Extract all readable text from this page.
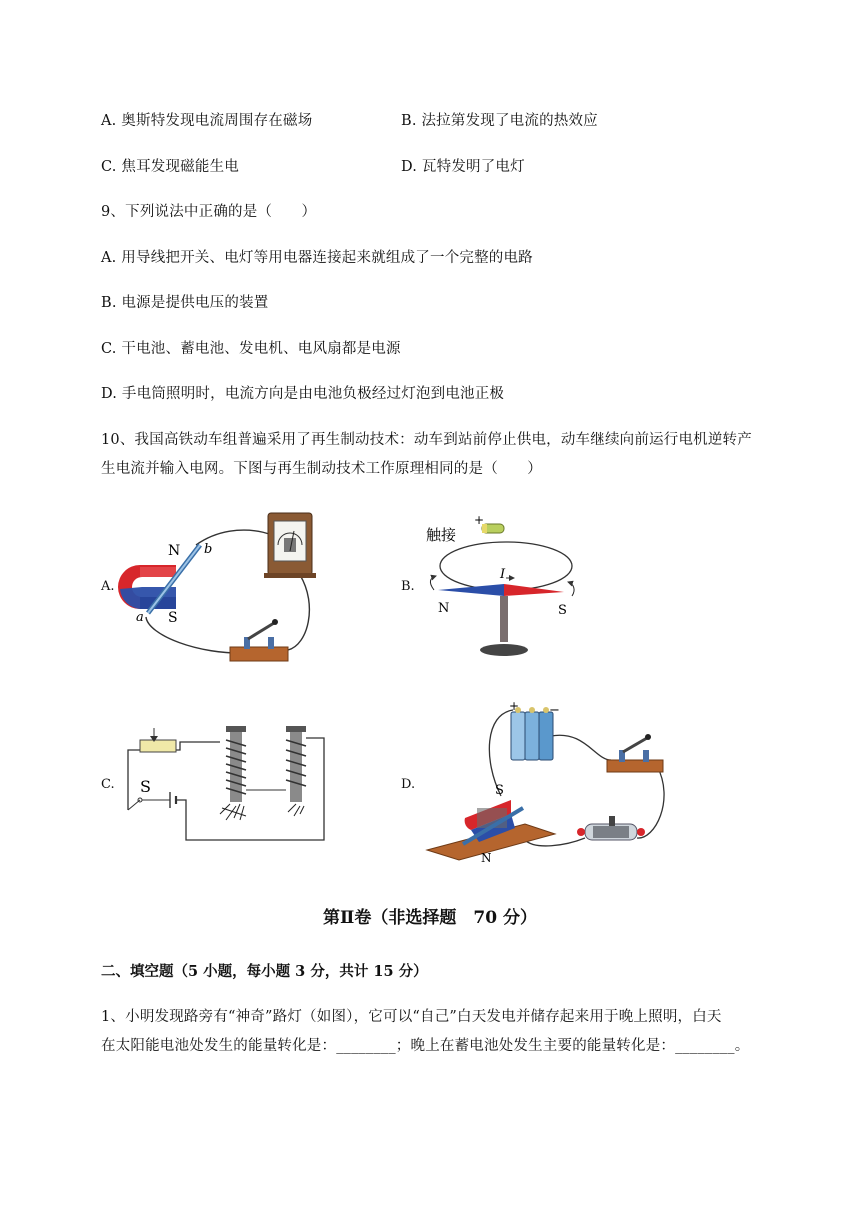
A. 奥斯特发现电流周围存在磁场	B. 法拉第发现了电流的热效应
C. 焦耳发现磁能生电	D. 瓦特发明了电灯
9、下列说法中正确的是（　　）
A. 用导线把开关、电灯等用电器连接起来就组成了一个完整的电路
B. 电源是提供电压的装置
C. 干电池、蓄电池、发电机、电风扇都是电源
D. 手电筒照明时，电流方向是由电池负极经过灯泡到电池正极
10、我国高铁动车组普遍采用了再生制动技术：动车到站前停止供电，动车继续向前运行电机逆转产
生电流并输入电网。下图与再生制动技术工作原理相同的是（　　）
A.	B.
C.	D.
N
S
a
b
触接
+
I
N	S
S
+ −
S
N
第Ⅱ卷（非选择题　70 分）
二、填空题（5 小题，每小题 3 分，共计 15 分）
1、小明发现路旁有“神奇”路灯（如图），它可以“自己”白天发电并储存起来用于晚上照明，白天
在太阳能电池处发生的能量转化是：________；晚上在蓄电池处发生主要的能量转化是：________。
